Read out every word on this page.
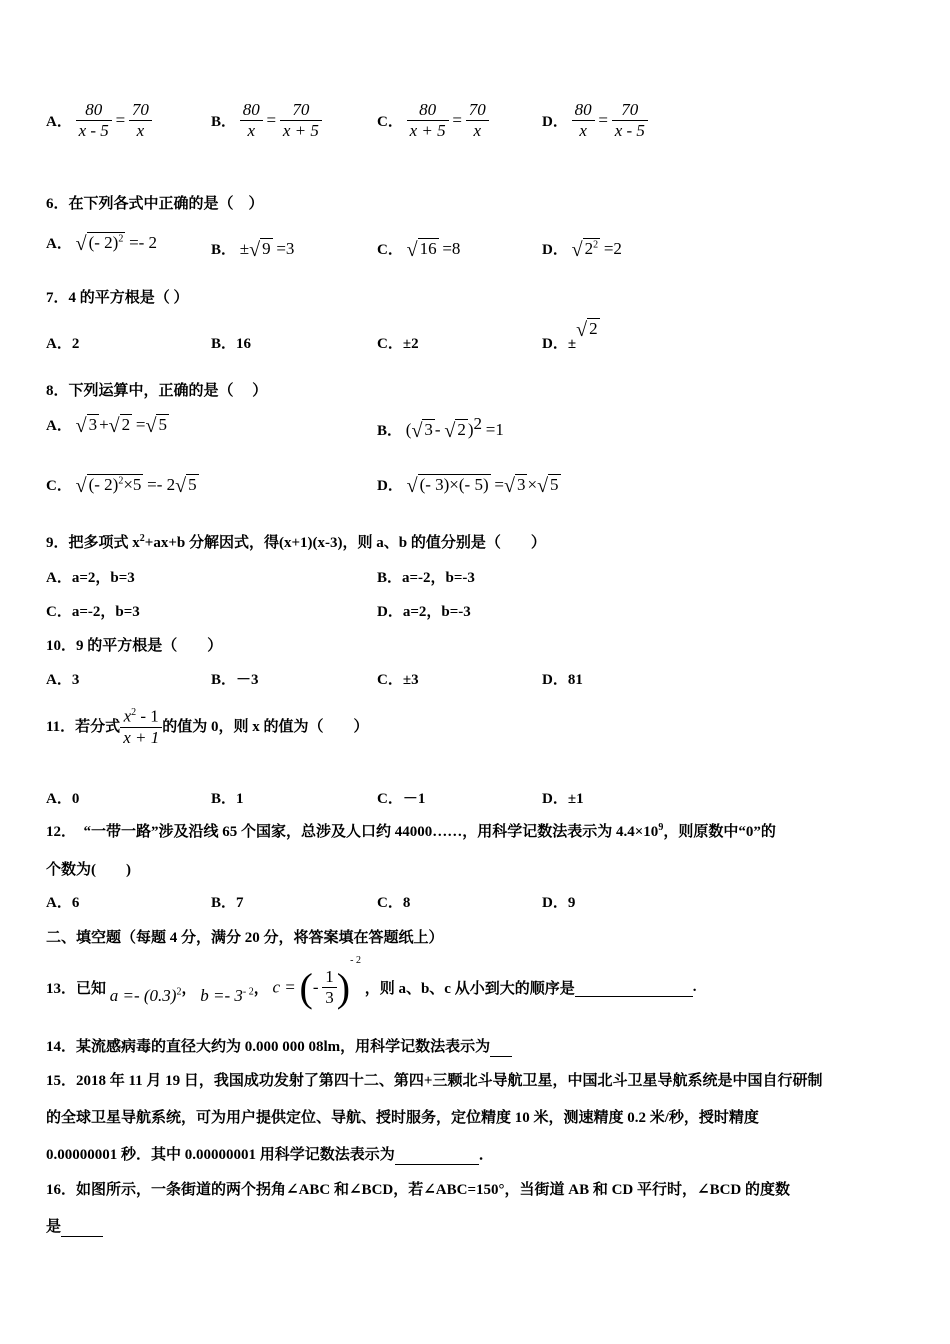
A． $\frac{80}{x - 5} = \frac{70}{x}$	B． $\frac{80}{x} = \frac{70}{x + 5}$	C． $\frac{80}{x + 5} = \frac{70}{x}$	D． $\frac{80}{x} = \frac{70}{x - 5}$
6．在下列各式中正确的是（　）
A． √ (- 2)$^2$ =- 2	B． ±√ 9 =3	C． √ 16 =8	D． √ $2^2 =2$
7．4 的平方根是（ ）
A．2	B．16	C．±2	D．±√ 2
8．下列运算中，正确的是（　 ）
A． √ 3 +√ 2 =√ 5	B． (√ 3 - √ 2 )$^2$ =1
C． √ (- 2)$^2$×5 =- 2√ 5	D． √ (- 3)×(- 5) =√ 3 ×√ 5
9．把多项式 $x^2+ax+b$ 分解因式，得(x+1)(x-3)，则 a、b 的值分别是（　　）
A．a=2，b=3	B．a=-2，b=-3
C．a=-2，b=3	D．a=2，b=-3
10．9 的平方根是（　　）
A．3	B．－3	C．±3	D．81
11．若分式 $\frac{x^2 - 1}{x + 1}$ 的值为 0，则 x 的值为（　　）
A．0	B．1	C．－1	D．±1
12．　“一带一路”涉及沿线 65 个国家，总涉及人口约 44000……，用科学记数法表示为 $4.4\times 10^9$，则原数中“0”的
个数为(　　)
A．6	B．7	C．8	D．9
二、填空题（每题 4 分，满分 20 分，将答案填在答题纸上）
13．已知 $a =- (0.3)^2$， $b =- 3^{- 2}$， c = (- $\frac{1}{3} )^{- 2}$ ，则 a、b、c 从小到大的顺序是	.
14．某流感病毒的直径大约为 0.000 000 08lm，用科学记数法表示为
15．2018 年 11 月 19 日，我国成功发射了第四十二、第四+三颗北斗导航卫星，中国北斗卫星导航系统是中国自行研制
的全球卫星导航系统，可为用户提供定位、导航、授时服务，定位精度 10 米，测速精度 0.2 米/秒，授时精度
0.00000001 秒．其中 0.00000001 用科学记数法表示为	．
16．如图所示，一条街道的两个拐角∠ABC 和∠BCD，若∠ABC=150°，当街道 AB 和 CD 平行时，∠BCD 的度数
是
